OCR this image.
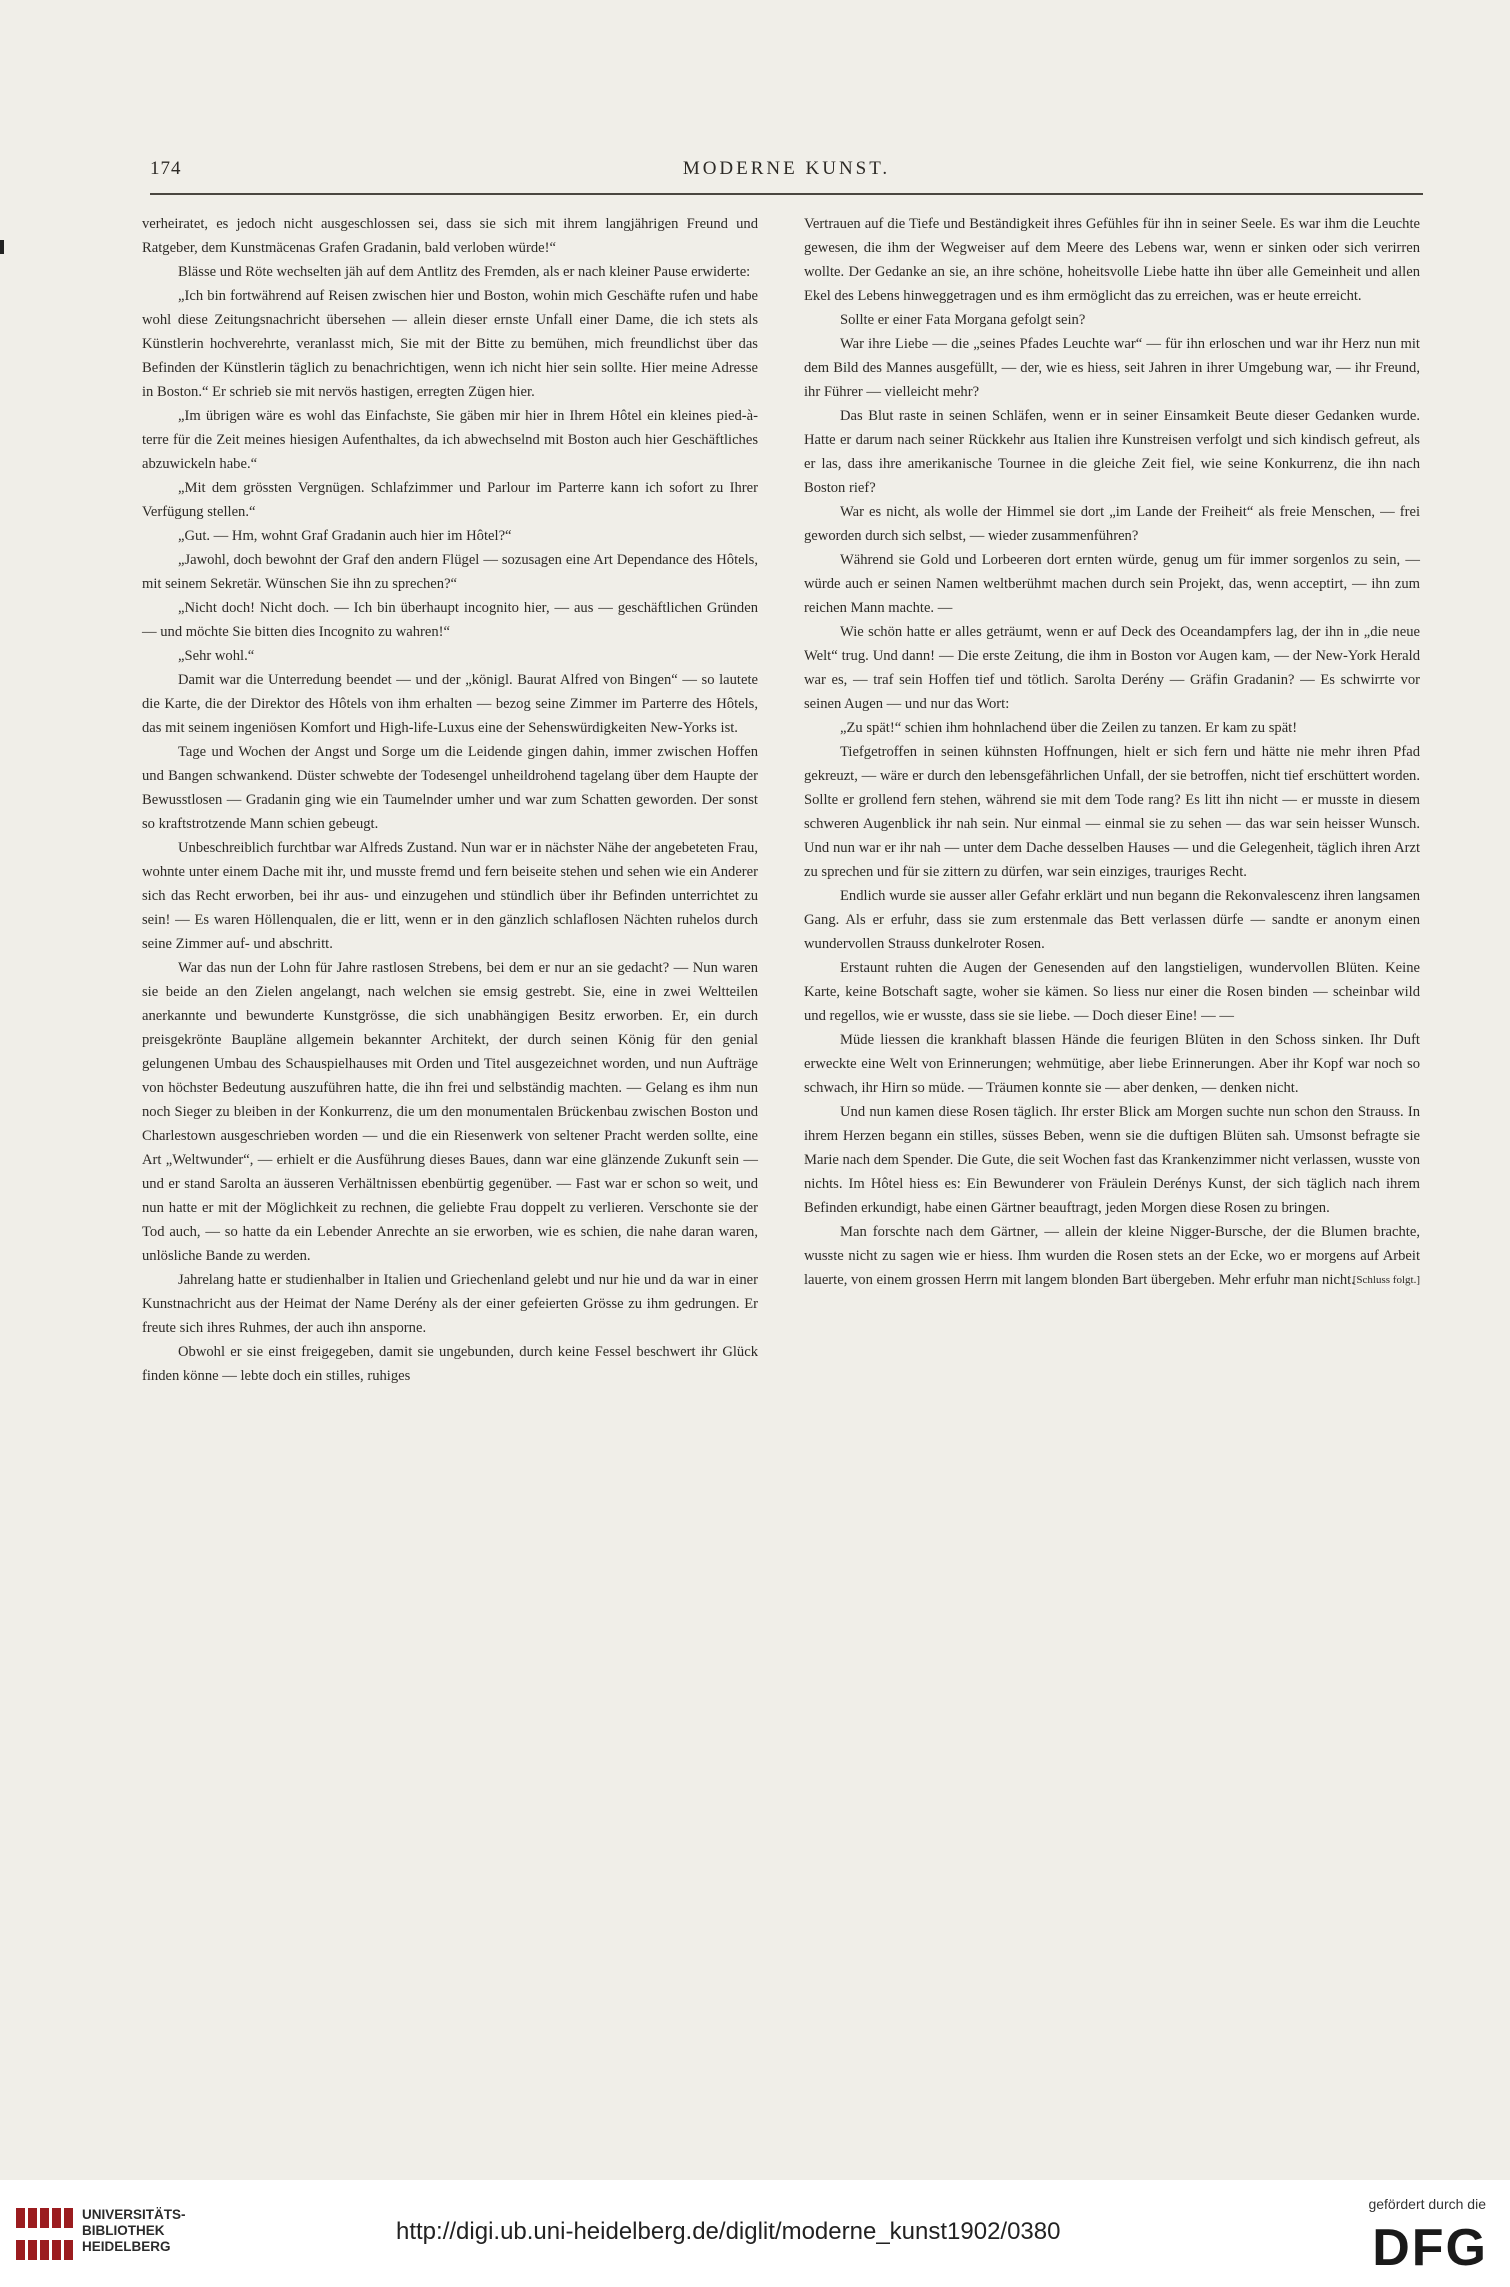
174	MODERNE KUNST.

verheiratet, es jedoch nicht ausgeschlossen sei, dass sie sich mit ihrem langjährigen Freund und Ratgeber, dem Kunstmäcenas Grafen Gradanin, bald verloben würde!“

Blässe und Röte wechselten jäh auf dem Antlitz des Fremden, als er nach kleiner Pause erwiderte:

„Ich bin fortwährend auf Reisen zwischen hier und Boston, wohin mich Geschäfte rufen und habe wohl diese Zeitungsnachricht übersehen — allein dieser ernste Unfall einer Dame, die ich stets als Künstlerin hochverehrte, veranlasst mich, Sie mit der Bitte zu bemühen, mich freundlichst über das Befinden der Künstlerin täglich zu benachrichtigen, wenn ich nicht hier sein sollte. Hier meine Adresse in Boston.“ Er schrieb sie mit nervös hastigen, erregten Zügen hier.

„Im übrigen wäre es wohl das Einfachste, Sie gäben mir hier in Ihrem Hôtel ein kleines pied-à-terre für die Zeit meines hiesigen Aufenthaltes, da ich abwechselnd mit Boston auch hier Geschäftliches abzuwickeln habe.“

„Mit dem grössten Vergnügen. Schlafzimmer und Parlour im Parterre kann ich sofort zu Ihrer Verfügung stellen.“

„Gut. — Hm, wohnt Graf Gradanin auch hier im Hôtel?“

„Jawohl, doch bewohnt der Graf den andern Flügel — sozusagen eine Art Dependance des Hôtels, mit seinem Sekretär. Wünschen Sie ihn zu sprechen?“

„Nicht doch! Nicht doch. — Ich bin überhaupt incognito hier, — aus — geschäftlichen Gründen — und möchte Sie bitten dies Incognito zu wahren!“

„Sehr wohl.“

Damit war die Unterredung beendet — und der „königl. Baurat Alfred von Bingen“ — so lautete die Karte, die der Direktor des Hôtels von ihm erhalten — bezog seine Zimmer im Parterre des Hôtels, das mit seinem ingeniösen Komfort und High-life-Luxus eine der Sehenswürdigkeiten New-Yorks ist.

Tage und Wochen der Angst und Sorge um die Leidende gingen dahin, immer zwischen Hoffen und Bangen schwankend. Düster schwebte der Todesengel unheildrohend tagelang über dem Haupte der Bewusstlosen — Gradanin ging wie ein Taumelnder umher und war zum Schatten geworden. Der sonst so kraftstrotzende Mann schien gebeugt.

Unbeschreiblich furchtbar war Alfreds Zustand. Nun war er in nächster Nähe der angebeteten Frau, wohnte unter einem Dache mit ihr, und musste fremd und fern beiseite stehen und sehen wie ein Anderer sich das Recht erworben, bei ihr aus- und einzugehen und stündlich über ihr Befinden unterrichtet zu sein! — Es waren Höllenqualen, die er litt, wenn er in den gänzlich schlaflosen Nächten ruhelos durch seine Zimmer auf- und abschritt.

War das nun der Lohn für Jahre rastlosen Strebens, bei dem er nur an sie gedacht? — Nun waren sie beide an den Zielen angelangt, nach welchen sie emsig gestrebt. Sie, eine in zwei Weltteilen anerkannte und bewunderte Kunstgrösse, die sich unabhängigen Besitz erworben. Er, ein durch preisgekrönte Baupläne allgemein bekannter Architekt, der durch seinen König für den genial gelungenen Umbau des Schauspielhauses mit Orden und Titel ausgezeichnet worden, und nun Aufträge von höchster Bedeutung auszuführen hatte, die ihn frei und selbständig machten. — Gelang es ihm nun noch Sieger zu bleiben in der Konkurrenz, die um den monumentalen Brückenbau zwischen Boston und Charlestown ausgeschrieben worden — und die ein Riesenwerk von seltener Pracht werden sollte, eine Art „Weltwunder“, — erhielt er die Ausführung dieses Baues, dann war eine glänzende Zukunft sein — und er stand Sarolta an äusseren Verhältnissen ebenbürtig gegenüber. — Fast war er schon so weit, und nun hatte er mit der Möglichkeit zu rechnen, die geliebte Frau doppelt zu verlieren. Verschonte sie der Tod auch, — so hatte da ein Lebender Anrechte an sie erworben, wie es schien, die nahe daran waren, unlösliche Bande zu werden.

Jahrelang hatte er studienhalber in Italien und Griechenland gelebt und nur hie und da war in einer Kunstnachricht aus der Heimat der Name Derény als der einer gefeierten Grösse zu ihm gedrungen. Er freute sich ihres Ruhmes, der auch ihn ansporne.

Obwohl er sie einst freigegeben, damit sie ungebunden, durch keine Fessel beschwert ihr Glück finden könne — lebte doch ein stilles, ruhiges

Vertrauen auf die Tiefe und Beständigkeit ihres Gefühles für ihn in seiner Seele. Es war ihm die Leuchte gewesen, die ihm der Wegweiser auf dem Meere des Lebens war, wenn er sinken oder sich verirren wollte. Der Gedanke an sie, an ihre schöne, hoheitsvolle Liebe hatte ihn über alle Gemeinheit und allen Ekel des Lebens hinweggetragen und es ihm ermöglicht das zu erreichen, was er heute erreicht.

Sollte er einer Fata Morgana gefolgt sein?

War ihre Liebe — die „seines Pfades Leuchte war“ — für ihn erloschen und war ihr Herz nun mit dem Bild des Mannes ausgefüllt, — der, wie es hiess, seit Jahren in ihrer Umgebung war, — ihr Freund, ihr Führer — vielleicht mehr?

Das Blut raste in seinen Schläfen, wenn er in seiner Einsamkeit Beute dieser Gedanken wurde. Hatte er darum nach seiner Rückkehr aus Italien ihre Kunstreisen verfolgt und sich kindisch gefreut, als er las, dass ihre amerikanische Tournee in die gleiche Zeit fiel, wie seine Konkurrenz, die ihn nach Boston rief?

War es nicht, als wolle der Himmel sie dort „im Lande der Freiheit“ als freie Menschen, — frei geworden durch sich selbst, — wieder zusammenführen?

Während sie Gold und Lorbeeren dort ernten würde, genug um für immer sorgenlos zu sein, — würde auch er seinen Namen weltberühmt machen durch sein Projekt, das, wenn acceptirt, — ihn zum reichen Mann machte. —

Wie schön hatte er alles geträumt, wenn er auf Deck des Oceandampfers lag, der ihn in „die neue Welt“ trug. Und dann! — Die erste Zeitung, die ihm in Boston vor Augen kam, — der New-York Herald war es, — traf sein Hoffen tief und tötlich. Sarolta Derény — Gräfin Gradanin? — Es schwirrte vor seinen Augen — und nur das Wort:

„Zu spät!“ schien ihm hohnlachend über die Zeilen zu tanzen. Er kam zu spät!

Tiefgetroffen in seinen kühnsten Hoffnungen, hielt er sich fern und hätte nie mehr ihren Pfad gekreuzt, — wäre er durch den lebensgefährlichen Unfall, der sie betroffen, nicht tief erschüttert worden. Sollte er grollend fern stehen, während sie mit dem Tode rang? Es litt ihn nicht — er musste in diesem schweren Augenblick ihr nah sein. Nur einmal — einmal sie zu sehen — das war sein heisser Wunsch. Und nun war er ihr nah — unter dem Dache desselben Hauses — und die Gelegenheit, täglich ihren Arzt zu sprechen und für sie zittern zu dürfen, war sein einziges, trauriges Recht.

Endlich wurde sie ausser aller Gefahr erklärt und nun begann die Rekonvalescenz ihren langsamen Gang. Als er erfuhr, dass sie zum erstenmale das Bett verlassen dürfe — sandte er anonym einen wundervollen Strauss dunkelroter Rosen.

Erstaunt ruhten die Augen der Genesenden auf den langstieligen, wundervollen Blüten. Keine Karte, keine Botschaft sagte, woher sie kämen. So liess nur einer die Rosen binden — scheinbar wild und regellos, wie er wusste, dass sie sie liebe. — Doch dieser Eine! — —

Müde liessen die krankhaft blassen Hände die feurigen Blüten in den Schoss sinken. Ihr Duft erweckte eine Welt von Erinnerungen; wehmütige, aber liebe Erinnerungen. Aber ihr Kopf war noch so schwach, ihr Hirn so müde. — Träumen konnte sie — aber denken, — denken nicht.

Und nun kamen diese Rosen täglich. Ihr erster Blick am Morgen suchte nun schon den Strauss. In ihrem Herzen begann ein stilles, süsses Beben, wenn sie die duftigen Blüten sah. Umsonst befragte sie Marie nach dem Spender. Die Gute, die seit Wochen fast das Krankenzimmer nicht verlassen, wusste von nichts. Im Hôtel hiess es: Ein Bewunderer von Fräulein Derénys Kunst, der sich täglich nach ihrem Befinden erkundigt, habe einen Gärtner beauftragt, jeden Morgen diese Rosen zu bringen.

Man forschte nach dem Gärtner, — allein der kleine Nigger-Bursche, der die Blumen brachte, wusste nicht zu sagen wie er hiess. Ihm wurden die Rosen stets an der Ecke, wo er morgens auf Arbeit lauerte, von einem grossen Herrn mit langem blonden Bart übergeben. Mehr erfuhr man nicht.

[Schluss folgt.]
UNIVERSITÄTS-
BIBLIOTHEK
HEIDELBERG
http://digi.ub.uni-heidelberg.de/diglit/moderne_kunst1902/0380
gefördert durch die
DFG
